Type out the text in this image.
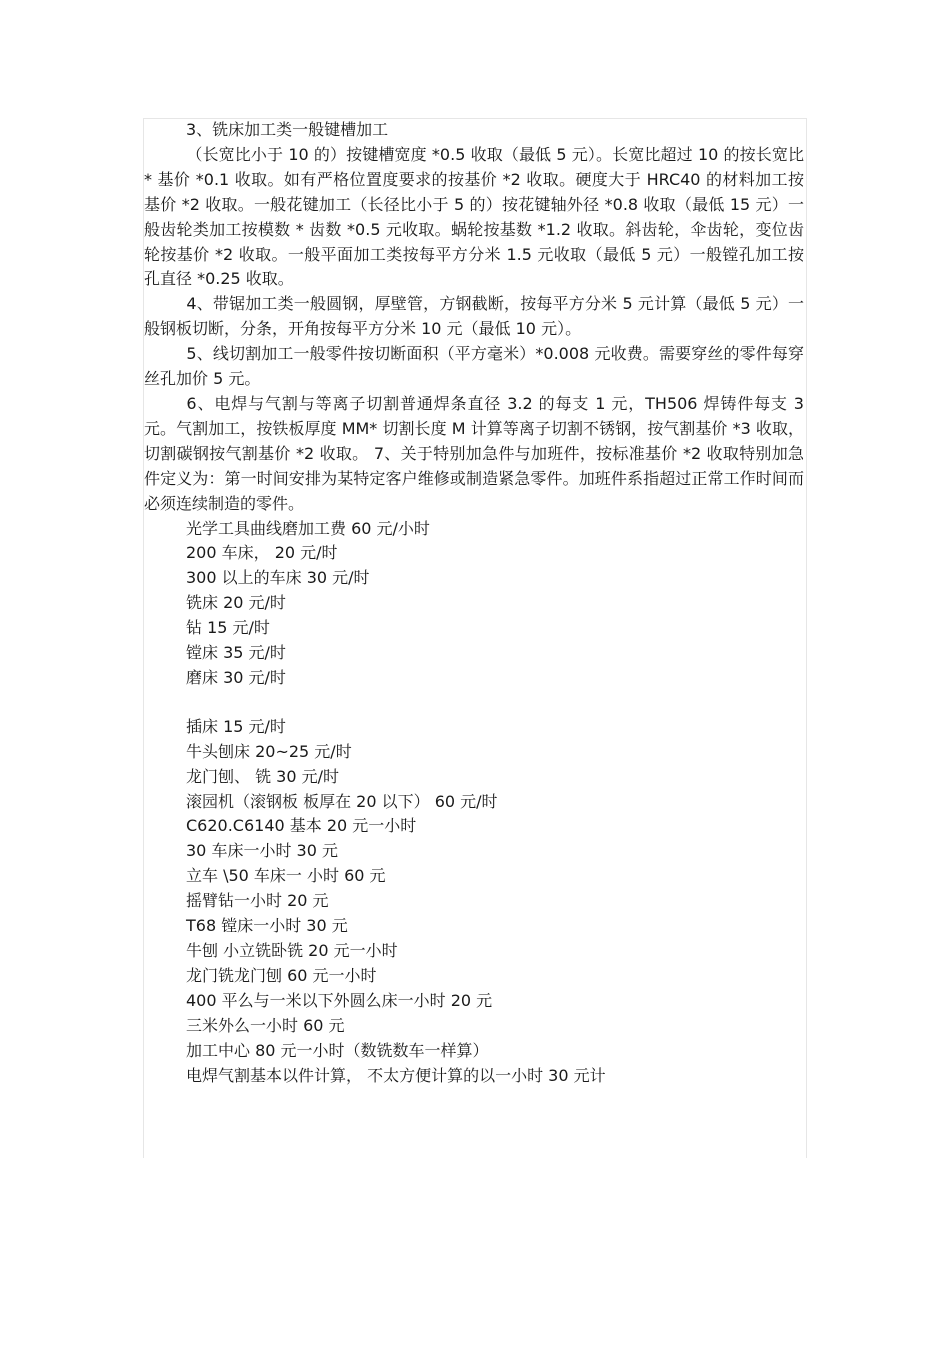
3、铣床加工类一般键槽加工

（长宽比小于 10 的）按键槽宽度 *0.5 收取（最低 5 元）。长宽比超过 10 的按长宽比 * 基价 *0.1 收取。如有严格位置度要求的按基价 *2 收取。硬度大于 HRC40 的材料加工按基价 *2 收取。一般花键加工（长径比小于 5 的）按花键轴外径 *0.8 收取（最低 15 元）一般齿轮类加工按模数 * 齿数 *0.5 元收取。蜗轮按基数 *1.2 收取。斜齿轮，伞齿轮，变位齿轮按基价 *2 收取。一般平面加工类按每平方分米 1.5 元收取（最低 5 元）一般镗孔加工按孔直径 *0.25 收取。

4、带锯加工类一般圆钢，厚壁管，方钢截断，按每平方分米 5 元计算（最低 5 元）一般钢板切断，分条，开角按每平方分米 10 元（最低 10 元）。

5、线切割加工一般零件按切断面积（平方毫米）*0.008 元收费。需要穿丝的零件每穿丝孔加价 5 元。

6、电焊与气割与等离子切割普通焊条直径 3.2 的每支 1 元，TH506 焊铸件每支 3 元。气割加工，按铁板厚度 MM* 切割长度 M 计算等离子切割不锈钢，按气割基价 *3 收取，切割碳钢按气割基价 *2 收取。 7、关于特别加急件与加班件，按标准基价 *2 收取特别加急件定义为：第一时间安排为某特定客户维修或制造紧急零件。加班件系指超过正常工作时间而必须连续制造的零件。

光学工具曲线磨加工费 60 元/小时

200 车床， 20 元/时

300 以上的车床 30 元/时

铣床 20 元/时

钻 15 元/时

镗床 35 元/时

磨床 30 元/时

插床 15 元/时

牛头刨床 20~25 元/时

龙门刨、 铣 30 元/时

滚园机（滚钢板 板厚在 20 以下） 60 元/时

C620.C6140 基本 20 元一小时

30 车床一小时 30 元

立车 \50 车床一 小时 60 元

摇臂钻一小时 20 元

T68 镗床一小时 30 元

牛刨 小立铣卧铣 20 元一小时

龙门铣龙门刨 60 元一小时

400 平么与一米以下外圆么床一小时 20 元

三米外么一小时 60 元

加工中心 80 元一小时（数铣数车一样算）

电焊气割基本以件计算， 不太方便计算的以一小时 30 元计
